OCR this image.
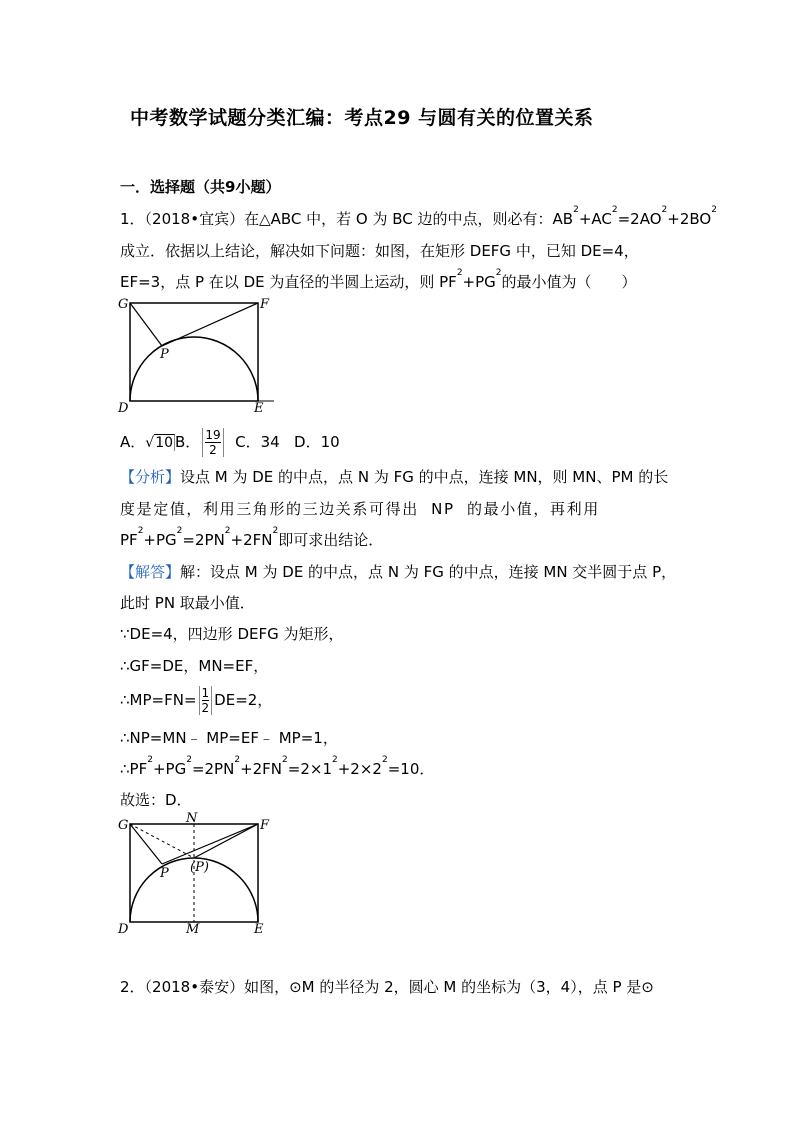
中考数学试题分类汇编：考点29 与圆有关的位置关系
一．选择题（共9小题）
1．（2018•宜宾）在△ABC 中，若 O 为 BC 边的中点，则必有：$AB^2+AC^2=2AO^2+2BO^2$
成立．依据以上结论，解决如下问题：如图，在矩形 DEFG 中，已知 DE=4，
EF=3，点 P 在以 DE 为直径的半圆上运动，则 $PF^2+PG^2$的最小值为（　　）
G	F
P
D	E
A．√10 B． $\frac{19}{2}$ C．34 D．10
【分析】设点 M 为 DE 的中点，点 N 为 FG 的中点，连接 MN，则 MN、PM 的长
度是定值，利用三角形的三边关系可得出 NP 的最小值，再利用
$PF^2+PG^2=2PN^2+2FN^2$即可求出结论．
【解答】解：设点 M 为 DE 的中点，点 N 为 FG 的中点，连接 MN 交半圆于点 P，
此时 PN 取最小值．
∵DE=4，四边形 DEFG 为矩形，
∴GF=DE，MN=EF，
∴MP=FN= $\frac{1}{2} DE=2$，
∴NP=MN﹣ MP=EF﹣ MP=1，
$\therefore PF^2+PG^2=2PN^2+2FN^2=2\times 1^2+2\times 2^2=10$．
故选：D．
G	N	F
P (P)
D	M	E
2．（2018•泰安）如图，⊙M 的半径为 2，圆心 M 的坐标为（3，4），点 P 是⊙
